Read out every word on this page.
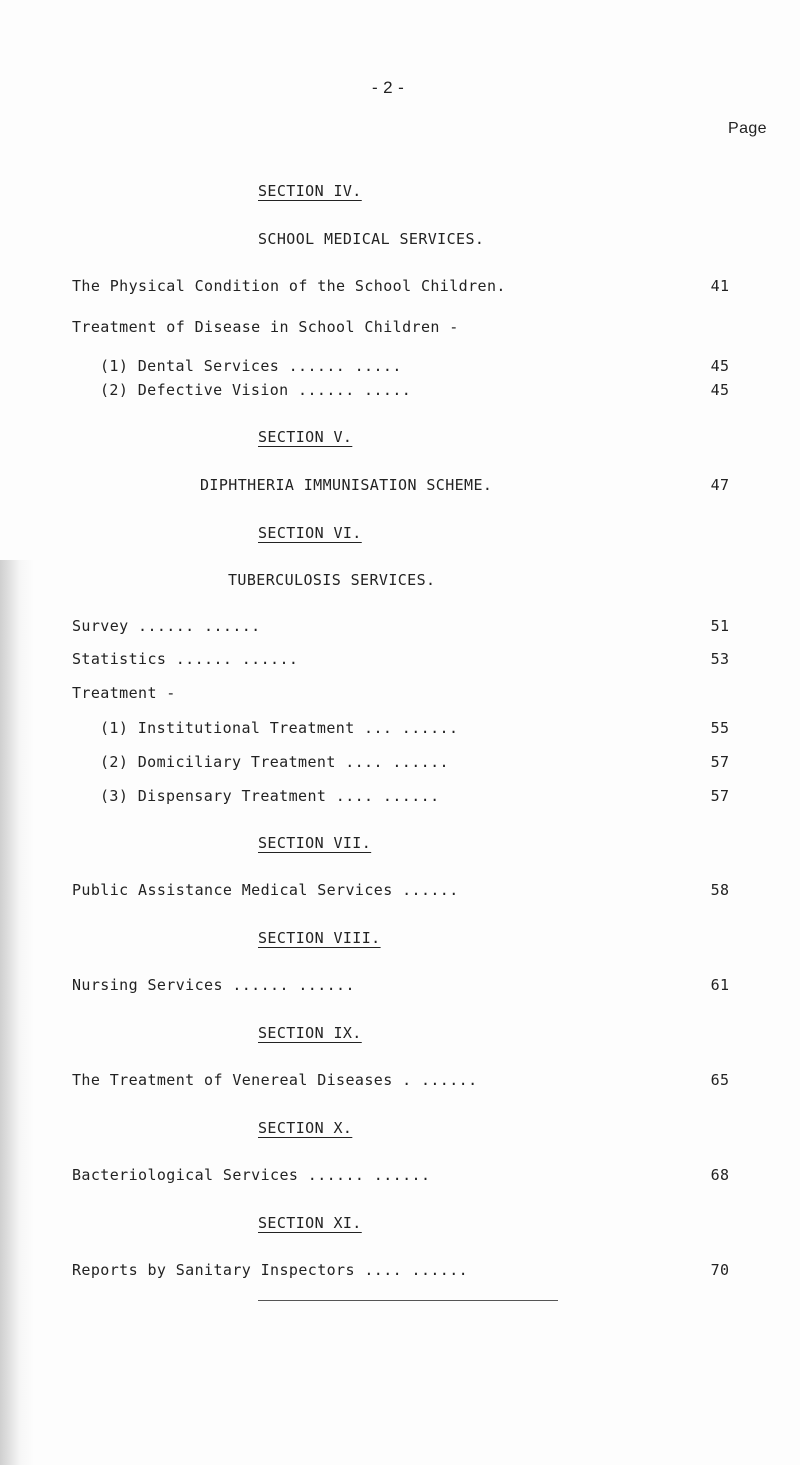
- 2 -
Page
SECTION IV.
SCHOOL MEDICAL SERVICES.
The Physical Condition of the School Children.	41
Treatment of Disease in School Children -
(1) Dental Services ...... .....	45
(2) Defective Vision ...... .....	45
SECTION V.
DIPHTHERIA IMMUNISATION SCHEME.	47
SECTION VI.
TUBERCULOSIS SERVICES.
Survey ...... ......	51
Statistics ...... ......	53
Treatment -
(1) Institutional Treatment ... ......	55
(2) Domiciliary Treatment .... ......	57
(3) Dispensary Treatment .... ......	57
SECTION VII.
Public Assistance Medical Services ......	58
SECTION VIII.
Nursing Services ...... ......	61
SECTION IX.
The Treatment of Venereal Diseases . ......	65
SECTION X.
Bacteriological Services ...... ......	68
SECTION XI.
Reports by Sanitary Inspectors .... ......	70
